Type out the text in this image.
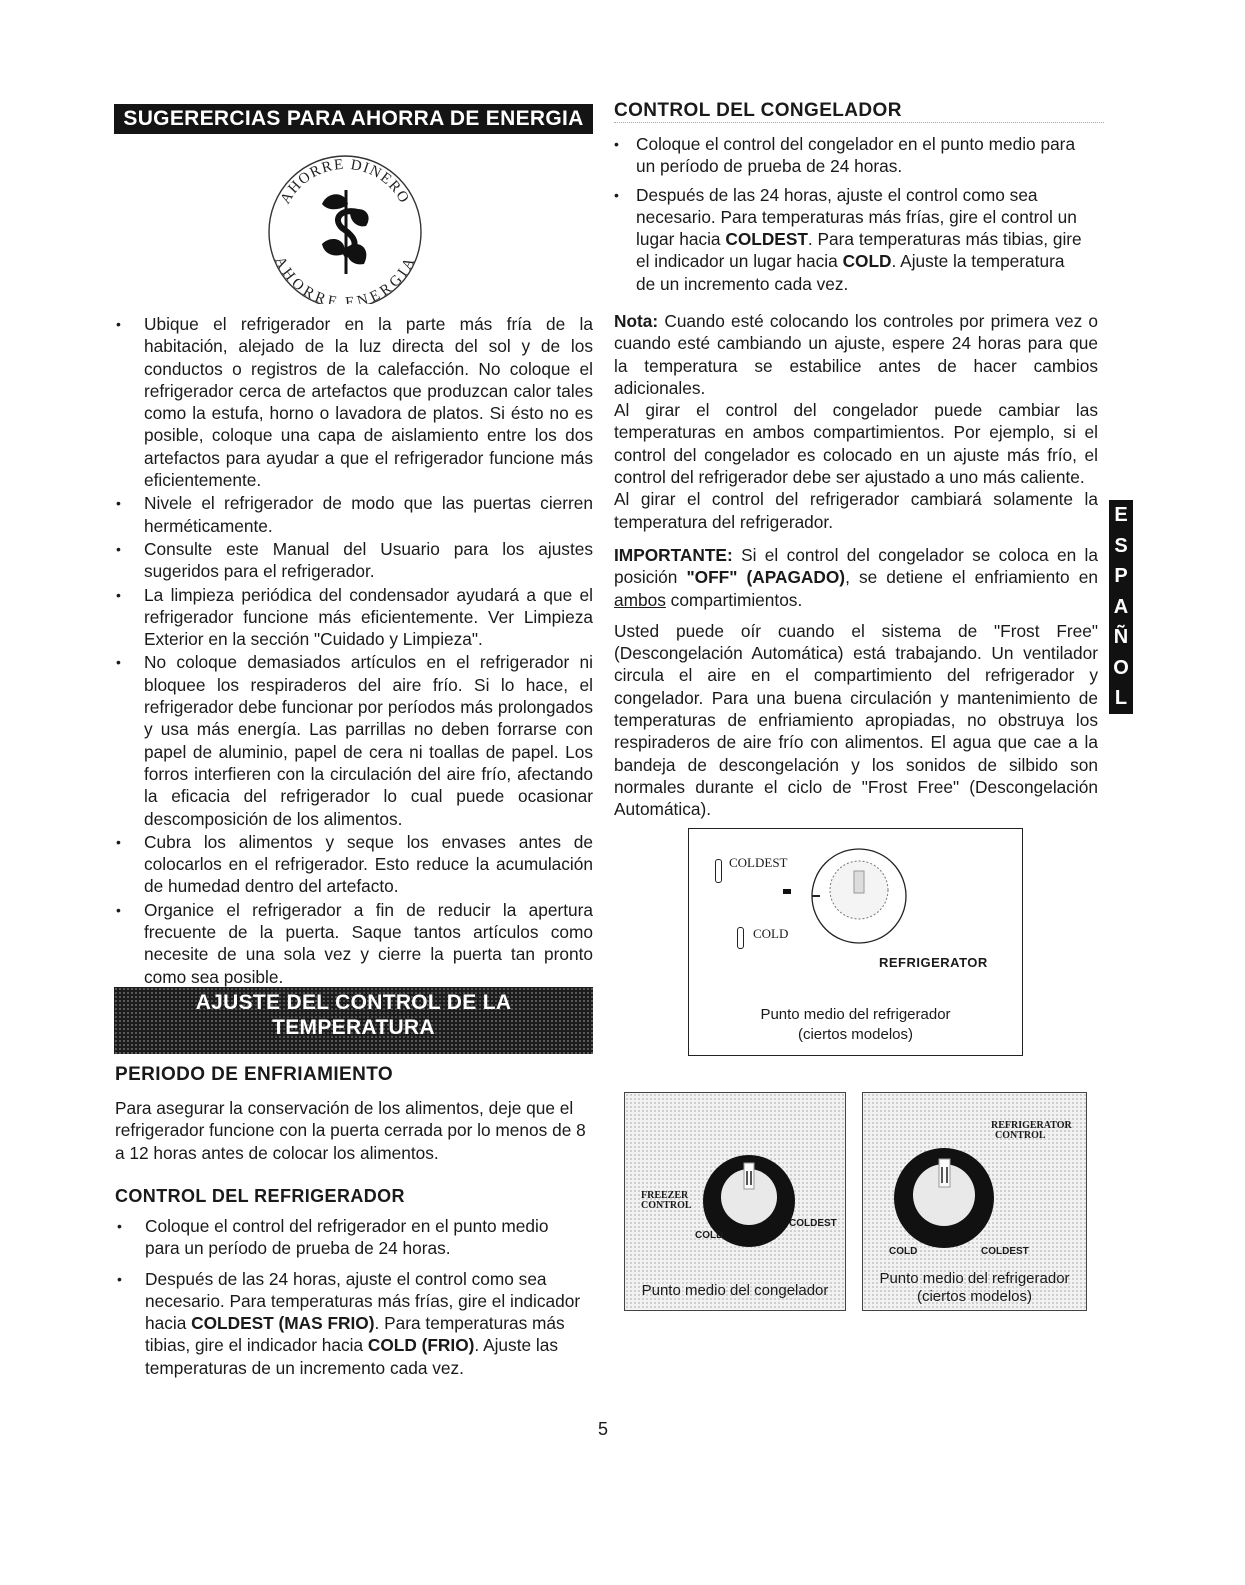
SUGERERCIAS PARA AHORRA DE ENERGIA
AHORRE DINERO
AHORRE ENERGIA
• Ubique el refrigerador en la parte más fría de la habitación, alejado de la luz directa del sol y de los conductos o registros de la calefacción. No coloque el refrigerador cerca de artefactos que produzcan calor tales como la estufa, horno o lavadora de platos. Si ésto no es posible, coloque una capa de aislamiento entre los dos artefactos para ayudar a que el refrigerador funcione más eficientemente.
• Nivele el refrigerador de modo que las puertas cierren herméticamente.
• Consulte este Manual del Usuario para los ajustes sugeridos para el refrigerador.
• La limpieza periódica del condensador ayudará a que el refrigerador funcione más eficientemente. Ver Limpieza Exterior en la sección "Cuidado y Limpieza".
• No coloque demasiados artículos en el refrigerador ni bloquee los respiraderos del aire frío. Si lo hace, el refrigerador debe funcionar por períodos más prolongados y usa más energía. Las parrillas no deben forrarse con papel de aluminio, papel de cera ni toallas de papel. Los forros interfieren con la circulación del aire frío, afectando la eficacia del refrigerador lo cual puede ocasionar descomposición de los alimentos.
• Cubra los alimentos y seque los envases antes de colocarlos en el refrigerador. Esto reduce la acumulación de humedad dentro del artefacto.
• Organice el refrigerador a fin de reducir la apertura frecuente de la puerta. Saque tantos artículos como necesite de una sola vez y cierre la puerta tan pronto como sea posible.
AJUSTE DEL CONTROL DE LA
TEMPERATURA
PERIODO DE ENFRIAMIENTO

Para asegurar la conservación de los alimentos, deje que el refrigerador funcione con la puerta cerrada por lo menos de 8 a 12 horas antes de colocar los alimentos.

CONTROL DEL REFRIGERADOR
• Coloque el control del refrigerador en el punto medio para un período de prueba de 24 horas.
• Después de las 24 horas, ajuste el control como sea necesario. Para temperaturas más frías, gire el indicador hacia COLDEST (MAS FRIO). Para temperaturas más tibias, gire el indicador hacia COLD (FRIO). Ajuste las temperaturas de un incremento cada vez.
CONTROL DEL CONGELADOR
• Coloque el control del congelador en el punto medio para un período de prueba de 24 horas.
• Después de las 24 horas, ajuste el control como sea necesario. Para temperaturas más frías, gire el control un lugar hacia COLDEST. Para temperaturas más tibias, gire el indicador un lugar hacia COLD. Ajuste la temperatura de un incremento cada vez.

Nota: Cuando esté colocando los controles por primera vez o cuando esté cambiando un ajuste, espere 24 horas para que la temperatura se estabilice antes de hacer cambios adicionales.

Al girar el control del congelador puede cambiar las temperaturas en ambos compartimientos. Por ejemplo, si el control del congelador es colocado en un ajuste más frío, el control del refrigerador debe ser ajustado a uno más caliente.

Al girar el control del refrigerador cambiará solamente la temperatura del refrigerador.

IMPORTANTE: Si el control del congelador se coloca en la posición "OFF" (APAGADO), se detiene el enfriamiento en ambos compartimientos.

Usted puede oír cuando el sistema de "Frost Free" (Descongelación Automática) está trabajando. Un ventilador circula el aire en el compartimiento del refrigerador y congelador. Para una buena circulación y mantenimiento de temperaturas de enfriamiento apropiadas, no obstruya los respiraderos de aire frío con alimentos. El agua que cae a la bandeja de descongelación y los sonidos de silbido son normales durante el ciclo de "Frost Free" (Descongelación Automática).

COLDEST
COLD
REFRIGERATOR
Punto medio del refrigerador
(ciertos modelos)
FREEZER
CONTROL
COLD
COLDEST
Punto medio del congelador
REFRIGERATOR
CONTROL
COLD	COLDEST
Punto medio del refrigerador
(ciertos modelos)
E
S
P
A
Ñ
O
L
5
